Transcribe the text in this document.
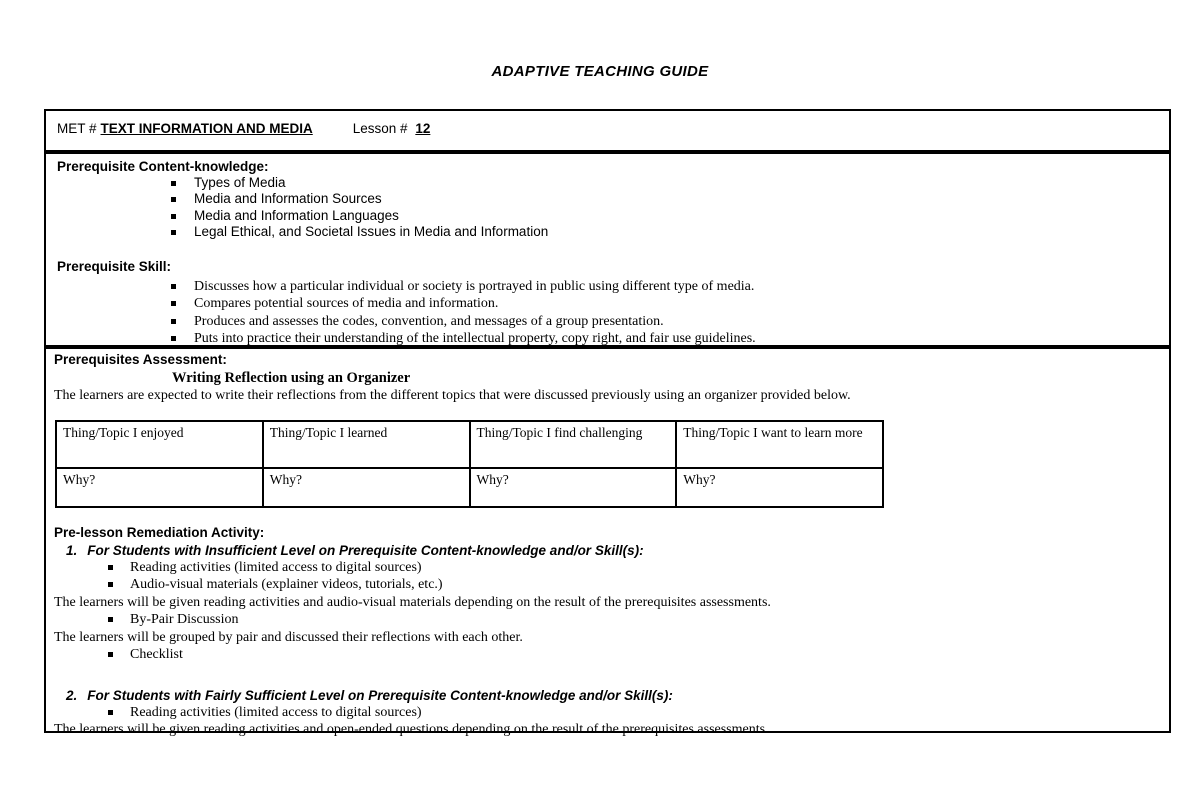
ADAPTIVE TEACHING GUIDE
MET # TEXT INFORMATION AND MEDIA	Lesson # 12
Prerequisite Content-knowledge:
Types of Media
Media and Information Sources
Media and Information Languages
Legal Ethical, and Societal Issues in Media and Information
Prerequisite Skill:
Discusses how a particular individual or society is portrayed in public using different type of media.
Compares potential sources of media and information.
Produces and assesses the codes, convention, and messages of a group presentation.
Puts into practice their understanding of the intellectual property, copy right, and fair use guidelines.
Prerequisites Assessment:
Writing Reflection using an Organizer
The learners are expected to write their reflections from the different topics that were discussed previously using an organizer provided below.
Thing/Topic I enjoyed	Thing/Topic I learned	Thing/Topic I find challenging	Thing/Topic I want to learn more
Why?	Why?	Why?	Why?
Pre-lesson Remediation Activity:
1. For Students with Insufficient Level on Prerequisite Content-knowledge and/or Skill(s):
Reading activities (limited access to digital sources)
Audio-visual materials (explainer videos, tutorials, etc.)
The learners will be given reading activities and audio-visual materials depending on the result of the prerequisites assessments.
By-Pair Discussion
The learners will be grouped by pair and discussed their reflections with each other.
Checklist
2. For Students with Fairly Sufficient Level on Prerequisite Content-knowledge and/or Skill(s):
Reading activities (limited access to digital sources)
The learners will be given reading activities and open-ended questions depending on the result of the prerequisites assessments.
